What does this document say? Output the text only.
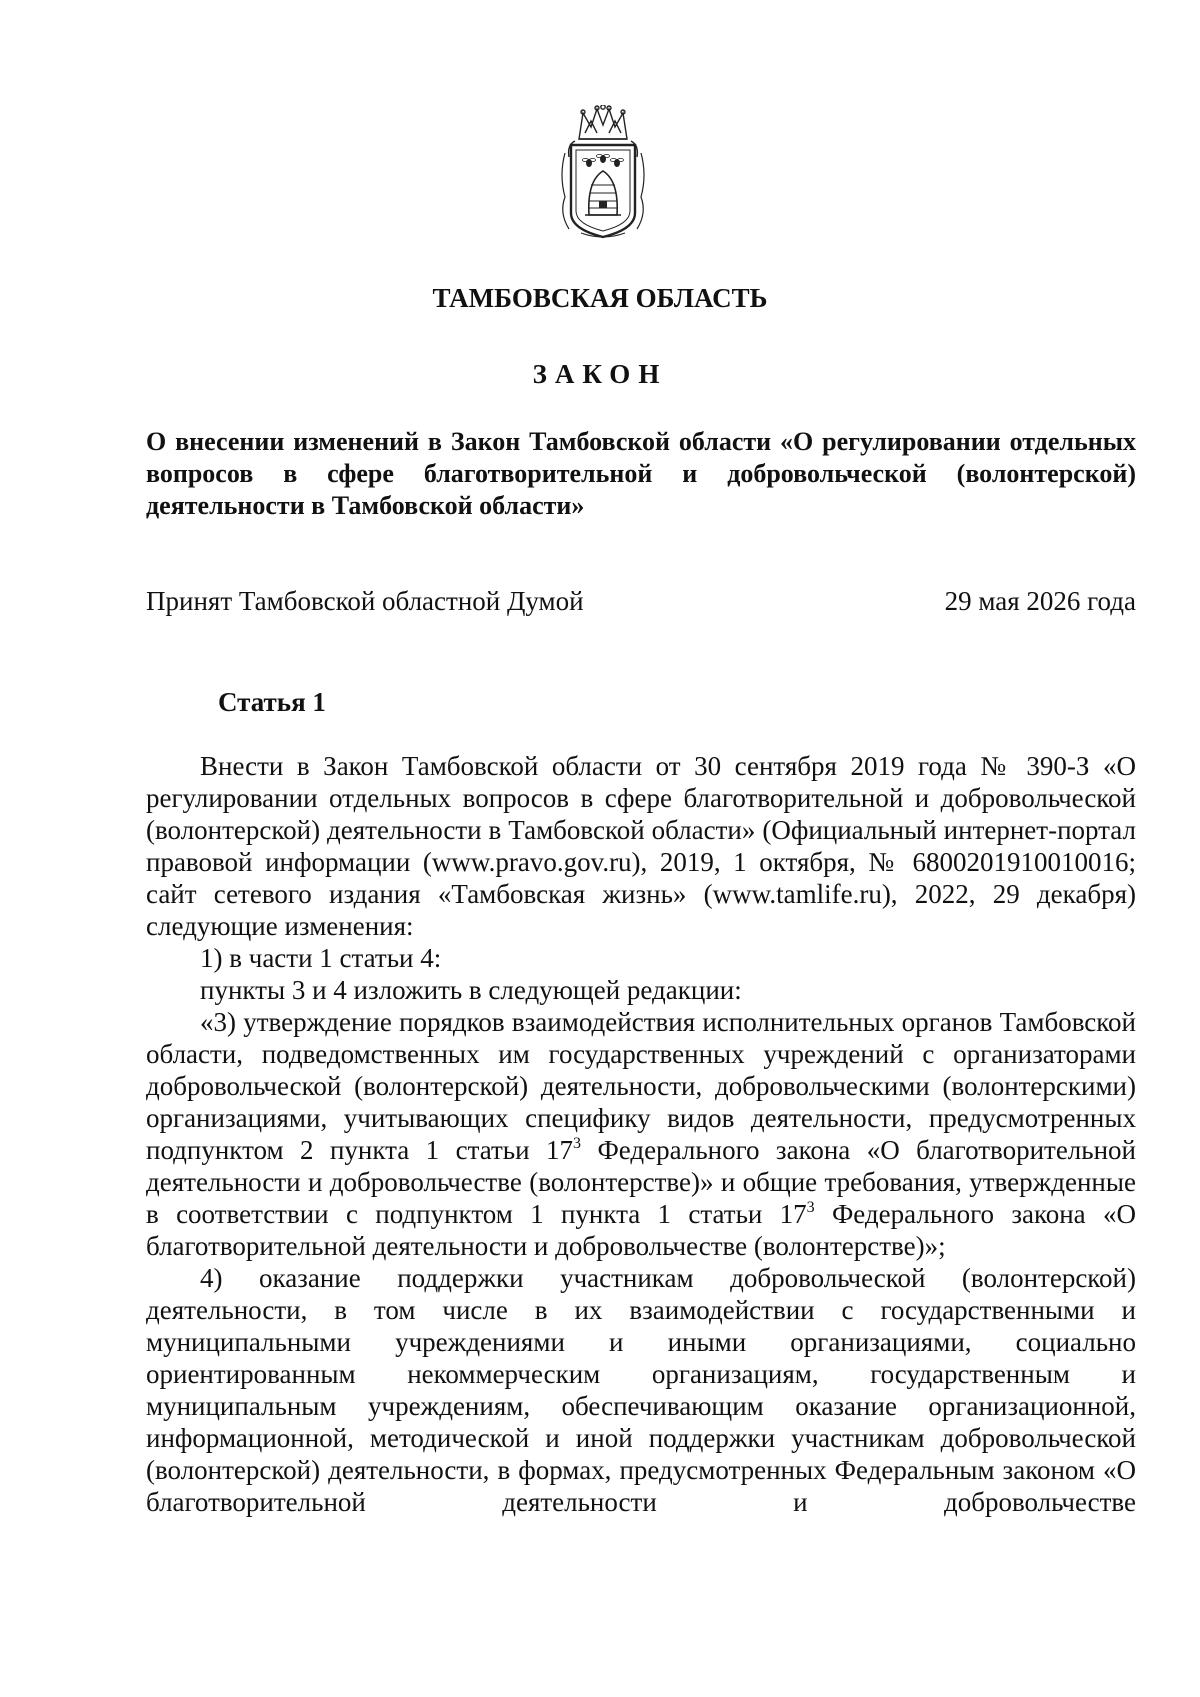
ТАМБОВСКАЯ ОБЛАСТЬ
ЗАКОН
О внесении изменений в Закон Тамбовской области «О регулировании отдельных вопросов в сфере благотворительной и добровольческой (волонтерской) деятельности в Тамбовской области»
Принят Тамбовской областной Думой	29 мая 2026 года
Статья 1

Внести в Закон Тамбовской области от 30 сентября 2019 года № 390-З «О регулировании отдельных вопросов в сфере благотворительной и добровольческой (волонтерской) деятельности в Тамбовской области» (Официальный интернет-портал правовой информации (www.pravo.gov.ru), 2019, 1 октября, № 6800201910010016; сайт сетевого издания «Тамбовская жизнь» (www.tamlife.ru), 2022, 29 декабря) следующие изменения:

1) в части 1 статьи 4:

пункты 3 и 4 изложить в следующей редакции:

«3) утверждение порядков взаимодействия исполнительных органов Тамбовской области, подведомственных им государственных учреждений с организаторами добровольческой (волонтерской) деятельности, добровольческими (волонтерскими) организациями, учитывающих специфику видов деятельности, предусмотренных подпунктом 2 пункта 1 статьи $17^3$ Федерального закона «О благотворительной деятельности и добровольчестве (волонтерстве)» и общие требования, утвержденные в соответствии с подпунктом 1 пункта 1 статьи $17^3$ Федерального закона «О благотворительной деятельности и добровольчестве (волонтерстве)»;

4) оказание поддержки участникам добровольческой (волонтерской) деятельности, в том числе в их взаимодействии с государственными и муниципальными учреждениями и иными организациями, социально ориентированным некоммерческим организациям, государственным и муниципальным учреждениям, обеспечивающим оказание организационной, информационной, методической и иной поддержки участникам добровольческой (волонтерской) деятельности, в формах, предусмотренных Федеральным законом «О благотворительной деятельности и добровольчестве
